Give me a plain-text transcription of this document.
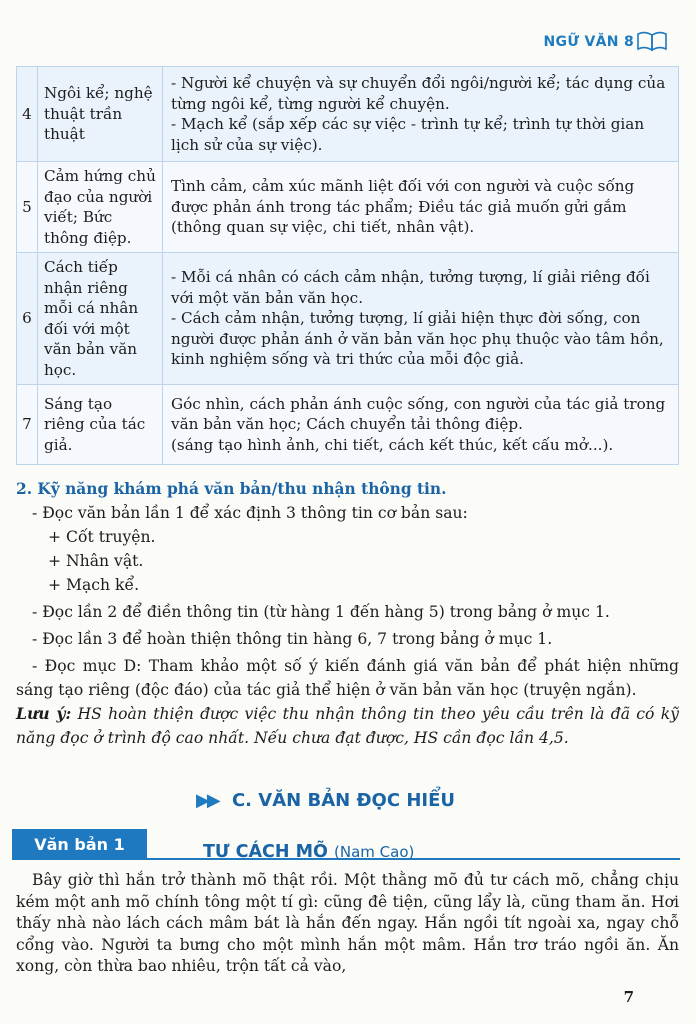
NGỮ VĂN 8
4	Ngôi kể; nghệ thuật trần thuật	- Người kể chuyện và sự chuyển đổi ngôi/người kể; tác dụng của từng ngôi kể, từng người kể chuyện.

- Mạch kể (sắp xếp các sự việc - trình tự kể; trình tự thời gian lịch sử của sự việc).

5	Cảm hứng chủ đạo của người viết; Bức thông điệp.	Tình cảm, cảm xúc mãnh liệt đối với con người và cuộc sống được phản ánh trong tác phẩm; Điều tác giả muốn gửi gắm (thông quan sự việc, chi tiết, nhân vật).

6	Cách tiếp nhận riêng mỗi cá nhân đối với một văn bản văn học.	- Mỗi cá nhân có cách cảm nhận, tưởng tượng, lí giải riêng đối với một văn bản văn học.

- Cách cảm nhận, tưởng tượng, lí giải hiện thực đời sống, con người được phản ánh ở văn bản văn học phụ thuộc vào tâm hồn, kinh nghiệm sống và tri thức của mỗi độc giả.

7	Sáng tạo riêng của tác giả.	Góc nhìn, cách phản ánh cuộc sống, con người của tác giả trong văn bản văn học; Cách chuyển tải thông điệp.

(sáng tạo hình ảnh, chi tiết, cách kết thúc, kết cấu mở...).

2. Kỹ năng khám phá văn bản/thu nhận thông tin.

- Đọc văn bản lần 1 để xác định 3 thông tin cơ bản sau:

+ Cốt truyện.

+ Nhân vật.

+ Mạch kể.

- Đọc lần 2 để điền thông tin (từ hàng 1 đến hàng 5) trong bảng ở mục 1.

- Đọc lần 3 để hoàn thiện thông tin hàng 6, 7 trong bảng ở mục 1.

- Đọc mục D: Tham khảo một số ý kiến đánh giá văn bản để phát hiện những sáng tạo riêng (độc đáo) của tác giả thể hiện ở văn bản văn học (truyện ngắn).

Lưu ý: HS hoàn thiện được việc thu nhận thông tin theo yêu cầu trên là đã có kỹ năng đọc ở trình độ cao nhất. Nếu chưa đạt được, HS cần đọc lần 4,5.

▶▶ C. VĂN BẢN ĐỌC HIỂU
Văn bản 1	TƯ CÁCH MÕ (Nam Cao)

Bây giờ thì hắn trở thành mõ thật rồi. Một thằng mõ đủ tư cách mõ, chẳng chịu kém một anh mõ chính tông một tí gì: cũng đê tiện, cũng lẩy là, cũng tham ăn. Hơi thấy nhà nào lách cách mâm bát là hắn đến ngay. Hắn ngồi tít ngoài xa, ngay chỗ cổng vào. Người ta bưng cho một mình hắn một mâm. Hắn trơ tráo ngồi ăn. Ăn xong, còn thừa bao nhiêu, trộn tất cả vào,

7
